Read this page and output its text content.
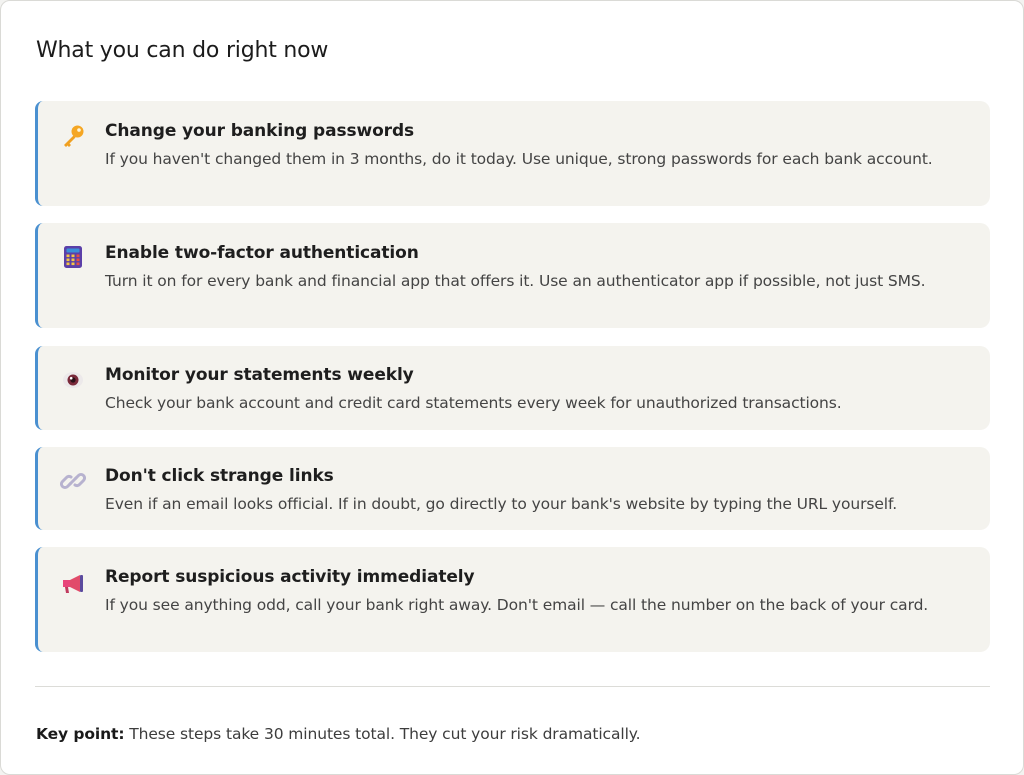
What you can do right now
Change your banking passwords
If you haven't changed them in 3 months, do it today. Use unique, strong passwords for each bank account.
Enable two-factor authentication
Turn it on for every bank and financial app that offers it. Use an authenticator app if possible, not just SMS.
Monitor your statements weekly
Check your bank account and credit card statements every week for unauthorized transactions.
Don't click strange links
Even if an email looks official. If in doubt, go directly to your bank's website by typing the URL yourself.
Report suspicious activity immediately
If you see anything odd, call your bank right away. Don't email — call the number on the back of your card.

Key point: These steps take 30 minutes total. They cut your risk dramatically.
